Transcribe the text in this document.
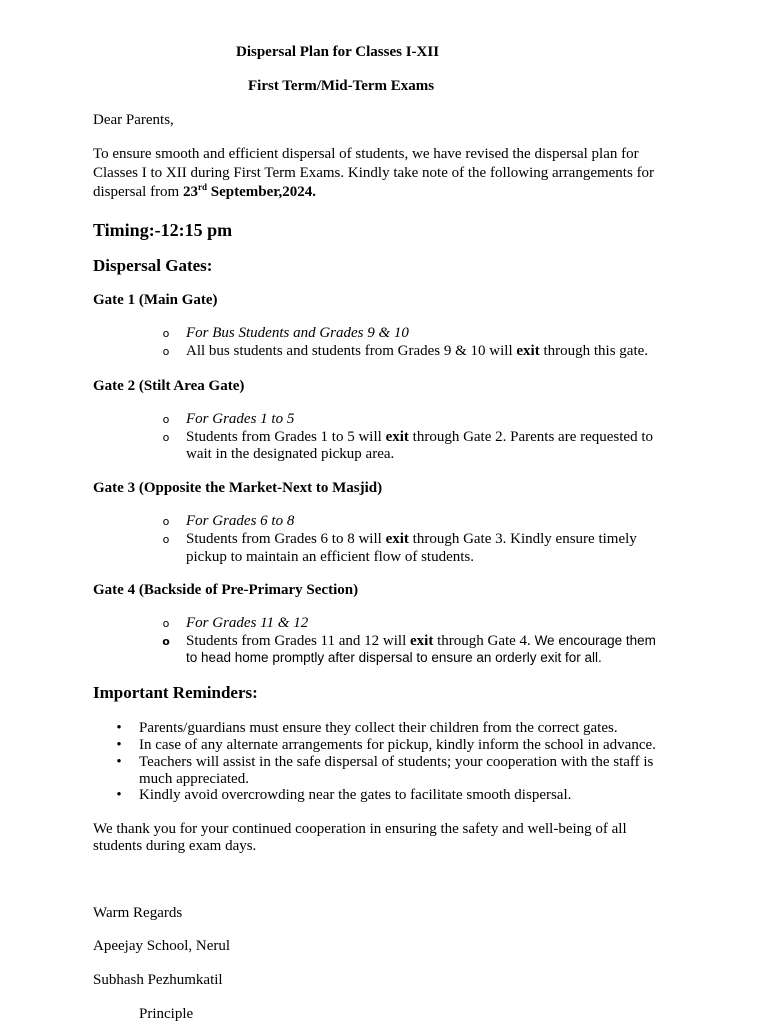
Dispersal Plan for Classes I-XII
First Term/Mid-Term Exams
Dear Parents,
To ensure smooth and efficient dispersal of students, we have revised the dispersal plan for
Classes I to XII during First Term Exams. Kindly take note of the following arrangements for
dispersal from 23rd September,2024.
Timing:-12:15 pm
Dispersal Gates:
Gate 1 (Main Gate)
o	For Bus Students and Grades 9 & 10
o	All bus students and students from Grades 9 & 10 will exit through this gate.
Gate 2 (Stilt Area Gate)
o	For Grades 1 to 5
o	Students from Grades 1 to 5 will exit through Gate 2. Parents are requested to
wait in the designated pickup area.
Gate 3 (Opposite the Market-Next to Masjid)
o	For Grades 6 to 8
o	Students from Grades 6 to 8 will exit through Gate 3. Kindly ensure timely
pickup to maintain an efficient flow of students.
Gate 4 (Backside of Pre-Primary Section)
o	For Grades 11 & 12
o	Students from Grades 11 and 12 will exit through Gate 4. We encourage them
to head home promptly after dispersal to ensure an orderly exit for all.
Important Reminders:
•	Parents/guardians must ensure they collect their children from the correct gates.
•	In case of any alternate arrangements for pickup, kindly inform the school in advance.
•	Teachers will assist in the safe dispersal of students; your cooperation with the staff is
much appreciated.
•	Kindly avoid overcrowding near the gates to facilitate smooth dispersal.
We thank you for your continued cooperation in ensuring the safety and well-being of all
students during exam days.
Warm Regards
Apeejay School, Nerul
Subhash Pezhumkatil
Principle
